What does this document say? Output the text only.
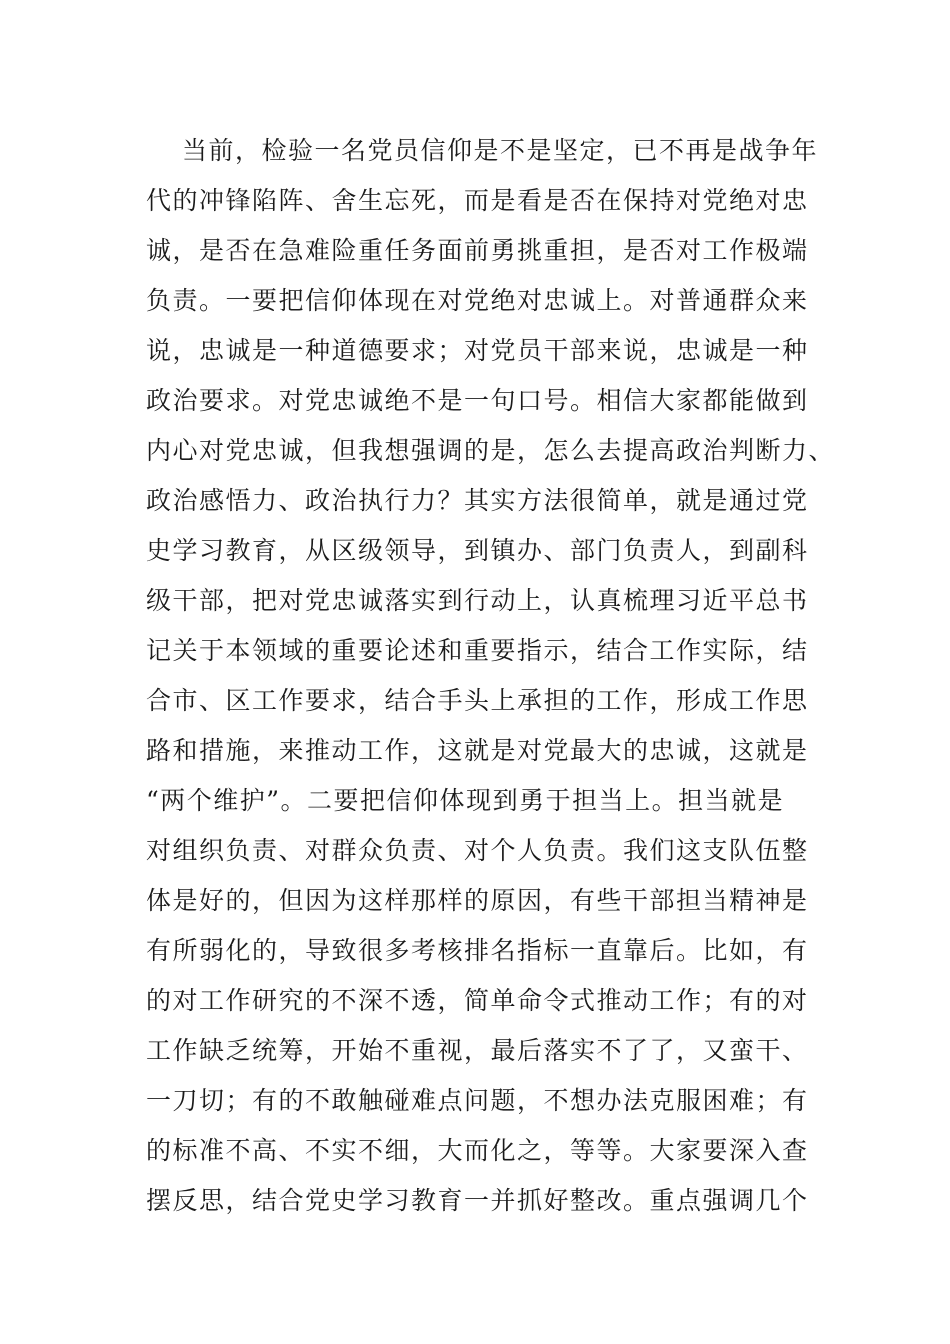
当前，检验一名党员信仰是不是坚定，已不再是战争年
代的冲锋陷阵、舍生忘死，而是看是否在保持对党绝对忠
诚，是否在急难险重任务面前勇挑重担，是否对工作极端
负责。一要把信仰体现在对党绝对忠诚上。对普通群众来
说，忠诚是一种道德要求；对党员干部来说，忠诚是一种
政治要求。对党忠诚绝不是一句口号。相信大家都能做到
内心对党忠诚，但我想强调的是，怎么去提高政治判断力、
政治感悟力、政治执行力？其实方法很简单，就是通过党
史学习教育，从区级领导，到镇办、部门负责人，到副科
级干部，把对党忠诚落实到行动上，认真梳理习近平总书
记关于本领域的重要论述和重要指示，结合工作实际，结
合市、区工作要求，结合手头上承担的工作，形成工作思
路和措施，来推动工作，这就是对党最大的忠诚，这就是
“两个维护”。二要把信仰体现到勇于担当上。担当就是
对组织负责、对群众负责、对个人负责。我们这支队伍整
体是好的，但因为这样那样的原因，有些干部担当精神是
有所弱化的，导致很多考核排名指标一直靠后。比如，有
的对工作研究的不深不透，简单命令式推动工作；有的对
工作缺乏统筹，开始不重视，最后落实不了了，又蛮干、
一刀切；有的不敢触碰难点问题，不想办法克服困难；有
的标准不高、不实不细，大而化之，等等。大家要深入查
摆反思，结合党史学习教育一并抓好整改。重点强调几个
